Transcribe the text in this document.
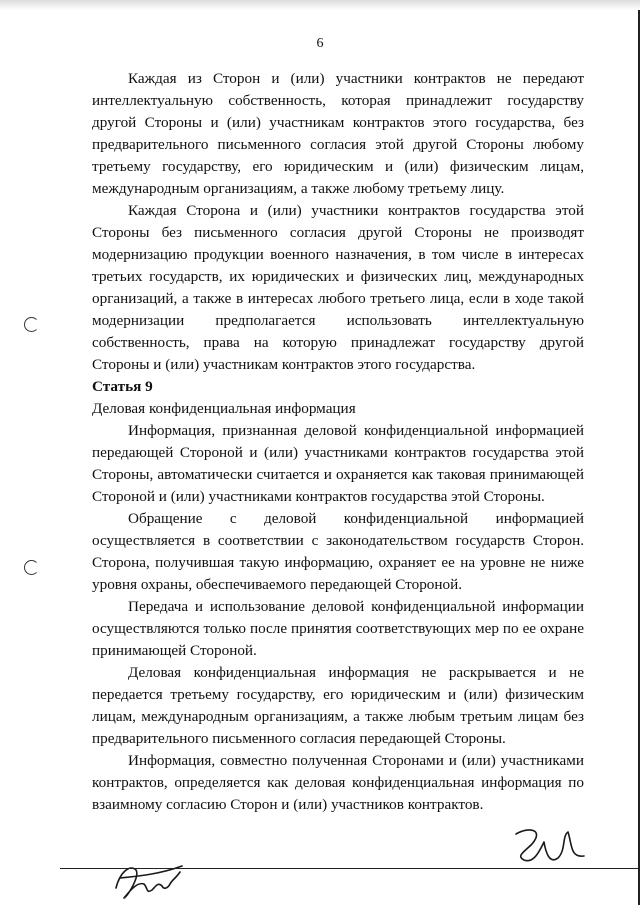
6

Каждая из Сторон и (или) участники контрактов не передают интеллектуальную собственность, которая принадлежит государству другой Стороны и (или) участникам контрактов этого государства, без предварительного письменного согласия этой другой Стороны любому третьему государству, его юридическим и (или) физическим лицам, международным организациям, а также любому третьему лицу.

Каждая Сторона и (или) участники контрактов государства этой Стороны без письменного согласия другой Стороны не производят модернизацию продукции военного назначения, в том числе в интересах третьих государств, их юридических и физических лиц, международных организаций, а также в интересах любого третьего лица, если в ходе такой модернизации предполагается использовать интеллектуальную собственность, права на которую принадлежат государству другой Стороны и (или) участникам контрактов этого государства.

Статья 9

Деловая конфиденциальная информация

Информация, признанная деловой конфиденциальной информацией передающей Стороной и (или) участниками контрактов государства этой Стороны, автоматически считается и охраняется как таковая принимающей Стороной и (или) участниками контрактов государства этой Стороны.

Обращение с деловой конфиденциальной информацией осуществляется в соответствии с законодательством государств Сторон. Сторона, получившая такую информацию, охраняет ее на уровне не ниже уровня охраны, обеспечиваемого передающей Стороной.

Передача и использование деловой конфиденциальной информации осуществляются только после принятия соответствующих мер по ее охране принимающей Стороной.

Деловая конфиденциальная информация не раскрывается и не передается третьему государству, его юридическим и (или) физическим лицам, международным организациям, а также любым третьим лицам без предварительного письменного согласия передающей Стороны.

Информация, совместно полученная Сторонами и (или) участниками контрактов, определяется как деловая конфиденциальная информация по взаимному согласию Сторон и (или) участников контрактов.
